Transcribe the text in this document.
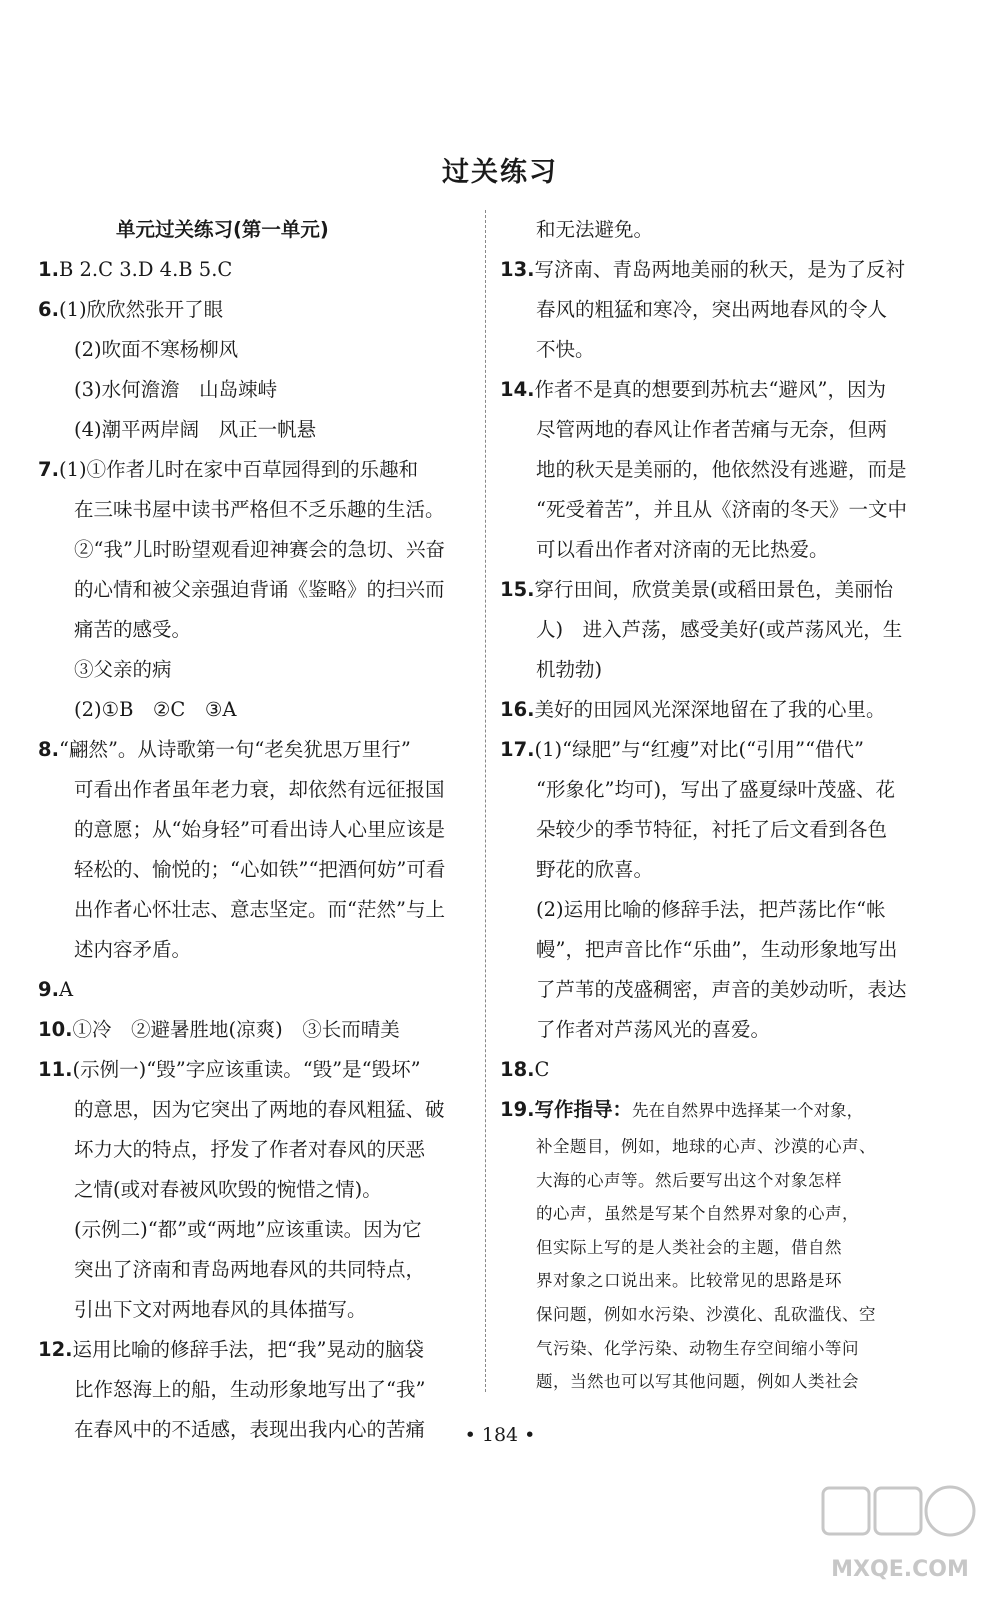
过关练习
单元过关练习(第一单元)
1.B 2.C 3.D 4.B 5.C
6.(1)欣欣然张开了眼
(2)吹面不寒杨柳风
(3)水何澹澹　山岛竦峙
(4)潮平两岸阔　风正一帆悬
7.(1)①作者儿时在家中百草园得到的乐趣和
在三味书屋中读书严格但不乏乐趣的生活。
②“我”儿时盼望观看迎神赛会的急切、兴奋
的心情和被父亲强迫背诵《鉴略》的扫兴而
痛苦的感受。
③父亲的病
(2)①B　②C　③A
8.“翩然”。从诗歌第一句“老矣犹思万里行”
可看出作者虽年老力衰，却依然有远征报国
的意愿；从“始身轻”可看出诗人心里应该是
轻松的、愉悦的；“心如铁”“把酒何妨”可看
出作者心怀壮志、意志坚定。而“茫然”与上
述内容矛盾。
9.A
10.①冷　②避暑胜地(凉爽)　③长而晴美
11.(示例一)“毁”字应该重读。“毁”是“毁坏”
的意思，因为它突出了两地的春风粗猛、破
坏力大的特点，抒发了作者对春风的厌恶
之情(或对春被风吹毁的惋惜之情)。
(示例二)“都”或“两地”应该重读。因为它
突出了济南和青岛两地春风的共同特点，
引出下文对两地春风的具体描写。
12.运用比喻的修辞手法，把“我”晃动的脑袋
比作怒海上的船，生动形象地写出了“我”
在春风中的不适感，表现出我内心的苦痛
和无法避免。
13.写济南、青岛两地美丽的秋天，是为了反衬
春风的粗猛和寒冷，突出两地春风的令人
不快。
14.作者不是真的想要到苏杭去“避风”，因为
尽管两地的春风让作者苦痛与无奈，但两
地的秋天是美丽的，他依然没有逃避，而是
“死受着苦”，并且从《济南的冬天》一文中
可以看出作者对济南的无比热爱。
15.穿行田间，欣赏美景(或稻田景色，美丽怡
人)　进入芦荡，感受美好(或芦荡风光，生
机勃勃)
16.美好的田园风光深深地留在了我的心里。
17.(1)“绿肥”与“红瘦”对比(“引用”“借代”
“形象化”均可)，写出了盛夏绿叶茂盛、花
朵较少的季节特征，衬托了后文看到各色
野花的欣喜。
(2)运用比喻的修辞手法，把芦荡比作“帐
幔”，把声音比作“乐曲”，生动形象地写出
了芦苇的茂盛稠密，声音的美妙动听，表达
了作者对芦荡风光的喜爱。
18.C
19.写作指导：先在自然界中选择某一个对象，
补全题目，例如，地球的心声、沙漠的心声、
大海的心声等。然后要写出这个对象怎样
的心声，虽然是写某个自然界对象的心声，
但实际上写的是人类社会的主题，借自然
界对象之口说出来。比较常见的思路是环
保问题，例如水污染、沙漠化、乱砍滥伐、空
气污染、化学污染、动物生存空间缩小等问
题，当然也可以写其他问题，例如人类社会
• 184 •
MXQE.COM
